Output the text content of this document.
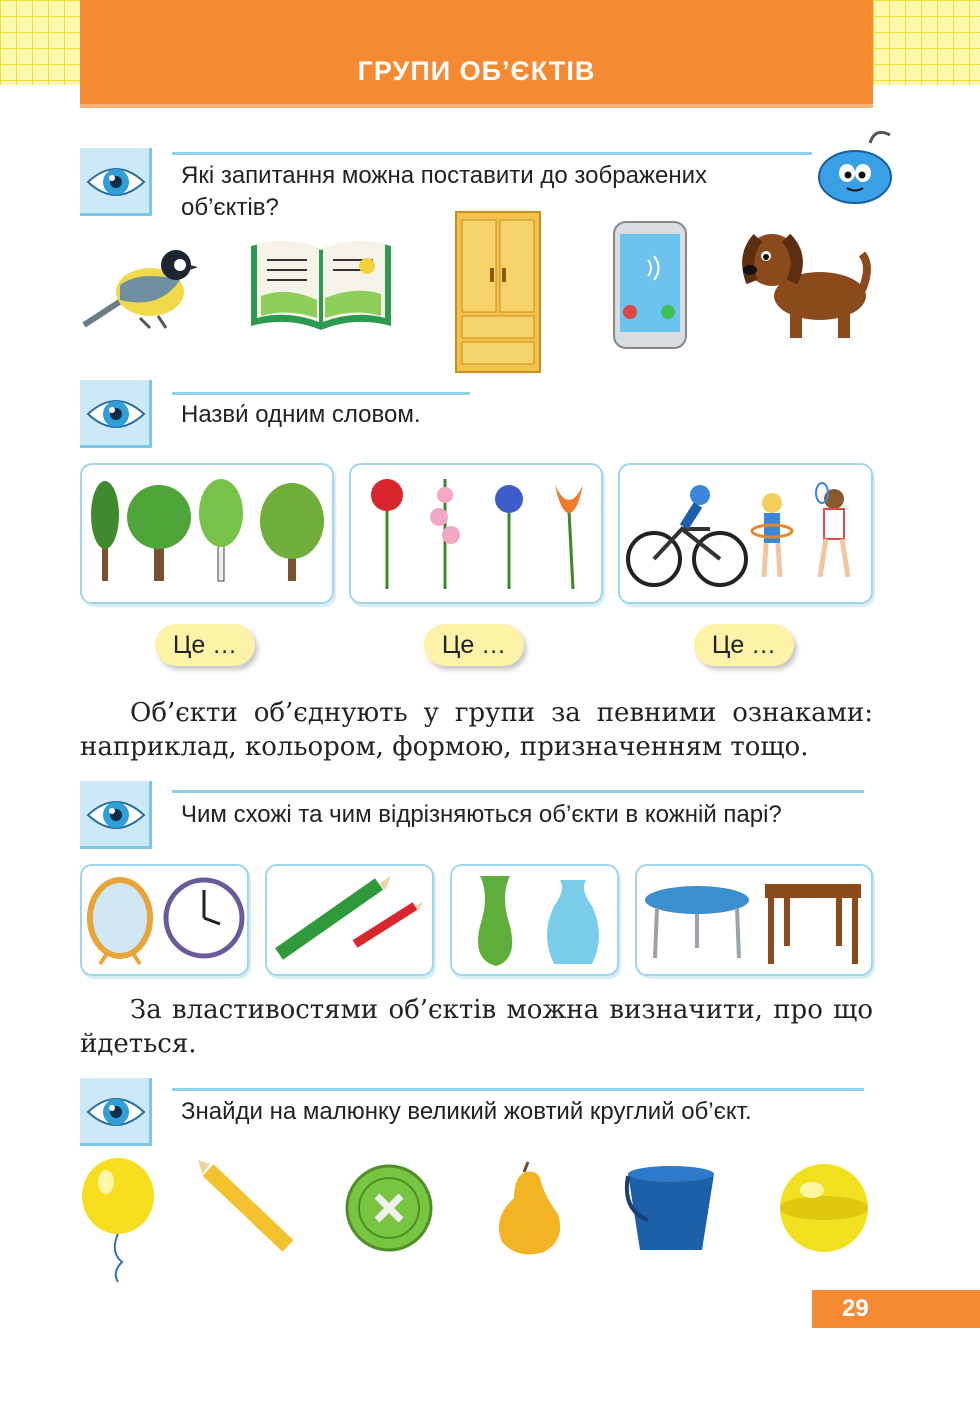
ГРУПИ ОБ’ЄКТІВ
Які запитання можна поставити до зображених об’єктів?
Назви́ одним словом.
Це …	Це …	Це …
Об’єкти об’єднують у групи за певними ознаками: наприклад, кольором, формою, призначенням тощо.
Чим схожі та чим відрізняються об’єкти в кожній парі?
За властивостями об’єктів можна визначити, про що йдеться.
Знайди на малюнку великий жовтий круглий об’єкт.
29
